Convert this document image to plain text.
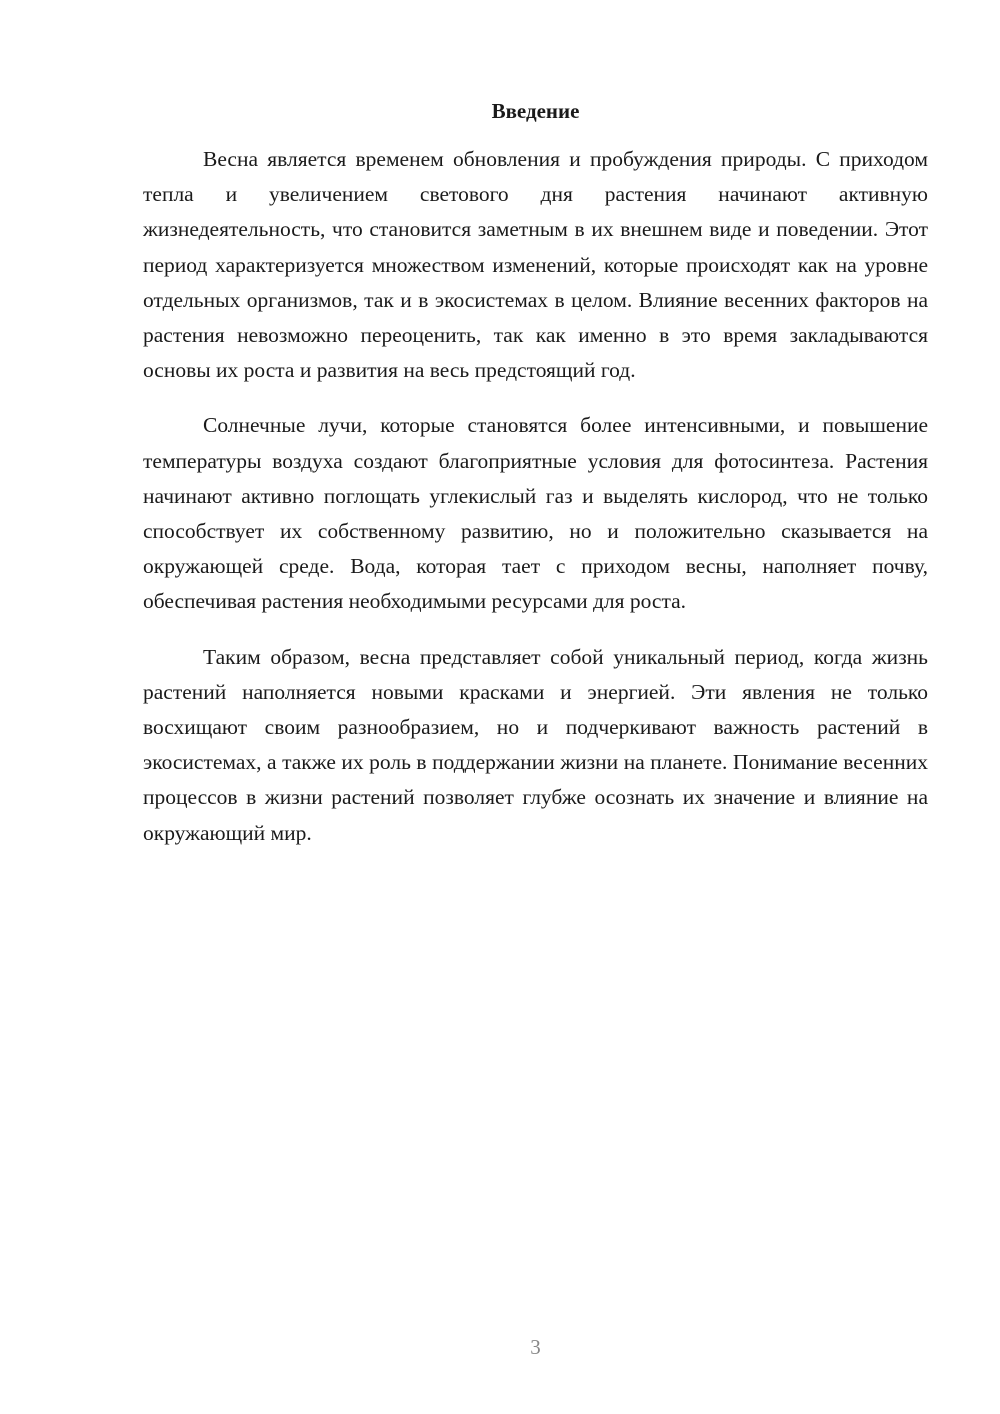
Введение

Весна является временем обновления и пробуждения природы. С приходом тепла и увеличением светового дня растения начинают активную жизнедеятельность, что становится заметным в их внешнем виде и поведении. Этот период характеризуется множеством изменений, которые происходят как на уровне отдельных организмов, так и в экосистемах в целом. Влияние весенних факторов на растения невозможно переоценить, так как именно в это время закладываются основы их роста и развития на весь предстоящий год.

Солнечные лучи, которые становятся более интенсивными, и повышение температуры воздуха создают благоприятные условия для фотосинтеза. Растения начинают активно поглощать углекислый газ и выделять кислород, что не только способствует их собственному развитию, но и положительно сказывается на окружающей среде. Вода, которая тает с приходом весны, наполняет почву, обеспечивая растения необходимыми ресурсами для роста.

Таким образом, весна представляет собой уникальный период, когда жизнь растений наполняется новыми красками и энергией. Эти явления не только восхищают своим разнообразием, но и подчеркивают важность растений в экосистемах, а также их роль в поддержании жизни на планете. Понимание весенних процессов в жизни растений позволяет глубже осознать их значение и влияние на окружающий мир.

3
